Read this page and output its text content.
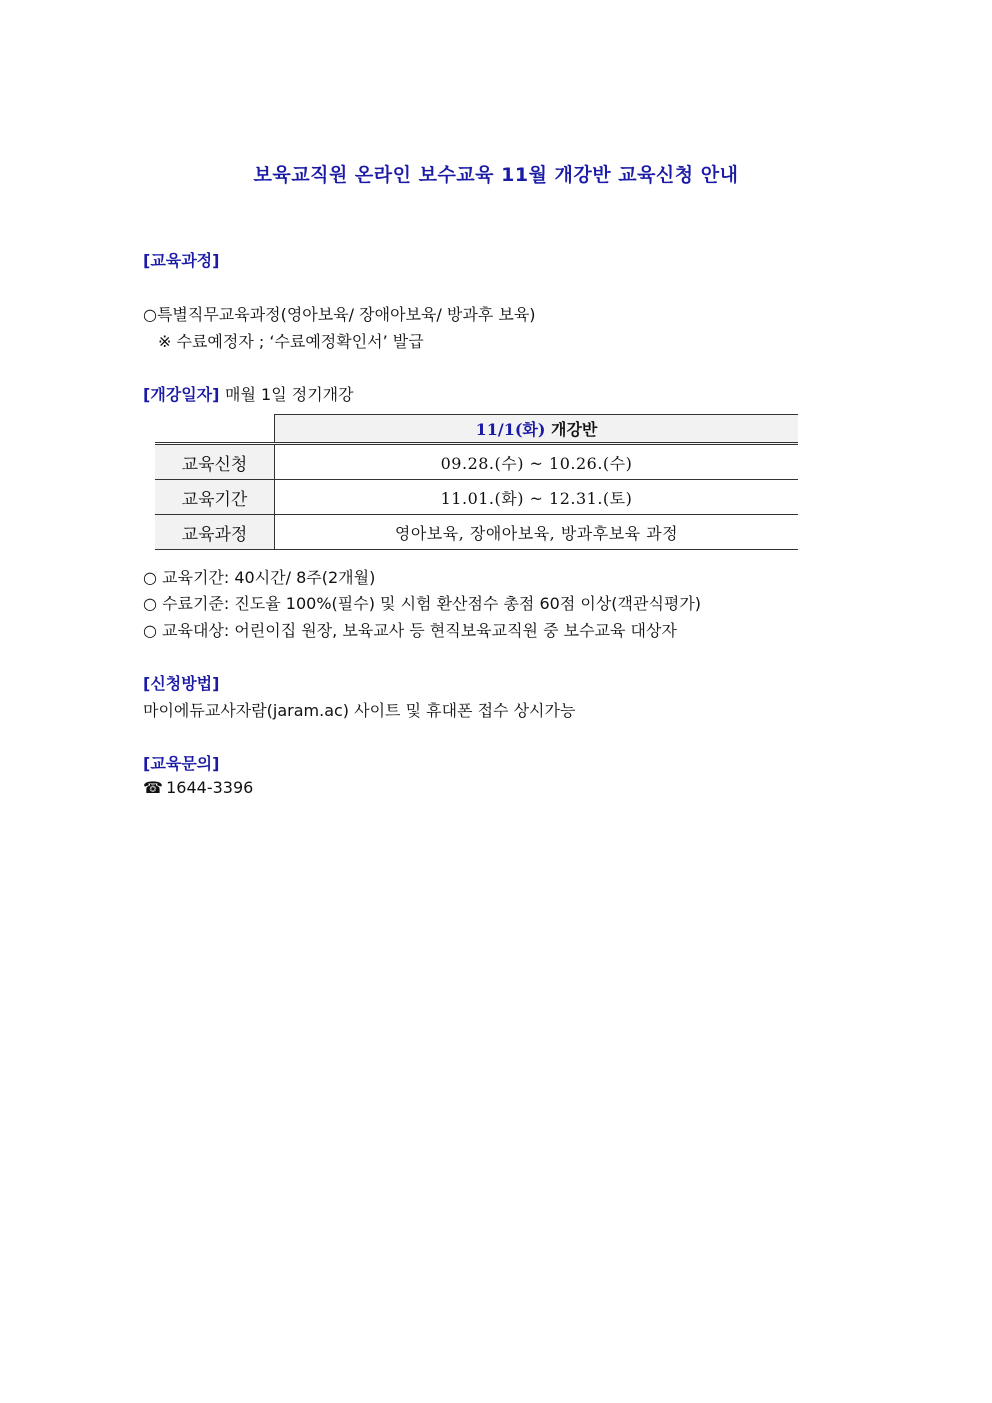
보육교직원 온라인 보수교육 11월 개강반 교육신청 안내
[교육과정]
○특별직무교육과정(영아보육/ 장애아보육/ 방과후 보육)
※ 수료예정자 ; ‘수료예정확인서’ 발급
[개강일자] 매월 1일 정기개강
	11/1(화) 개강반
교육신청	09.28.(수) ~ 10.26.(수)
교육기간	11.01.(화) ~ 12.31.(토)
교육과정	영아보육, 장애아보육, 방과후보육 과정
○ 교육기간: 40시간/ 8주(2개월)
○ 수료기준: 진도율 100%(필수) 및 시험 환산점수 총점 60점 이상(객관식평가)
○ 교육대상: 어린이집 원장, 보육교사 등 현직보육교직원 중 보수교육 대상자
[신청방법]
마이에듀교사자람(jaram.ac) 사이트 및 휴대폰 접수 상시가능
[교육문의]
☎ 1644-3396
